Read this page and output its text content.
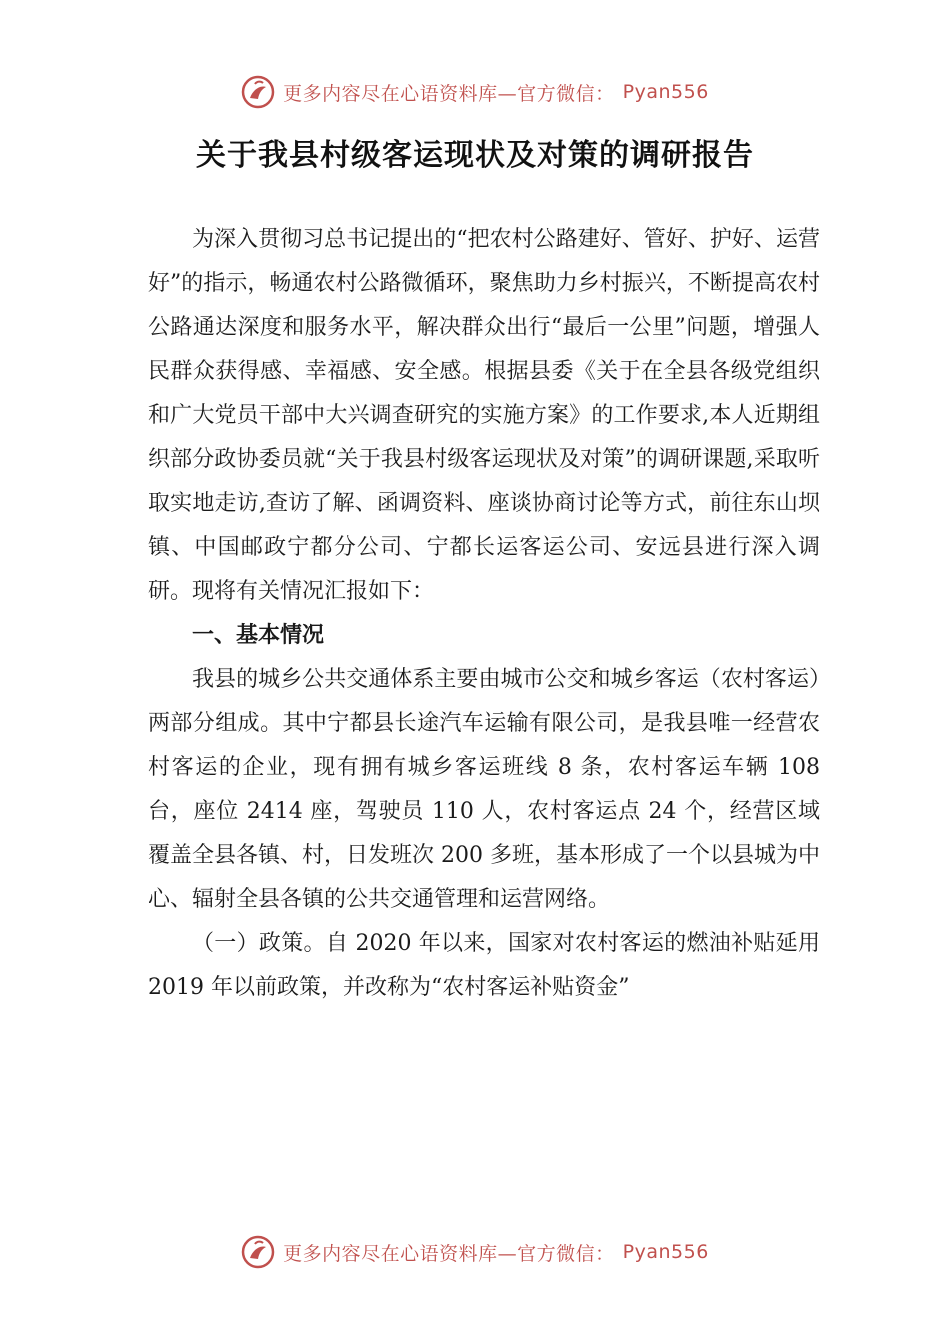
更多内容尽在心语资料库—官方微信： Pyan556
关于我县村级客运现状及对策的调研报告

为深入贯彻习总书记提出的“把农村公路建好、管好、护好、运营好”的指示，畅通农村公路微循环，聚焦助力乡村振兴，不断提高农村公路通达深度和服务水平，解决群众出行“最后一公里”问题，增强人民群众获得感、幸福感、安全感。根据县委《关于在全县各级党组织和广大党员干部中大兴调查研究的实施方案》的工作要求,本人近期组织部分政协委员就“关于我县村级客运现状及对策”的调研课题,采取听取实地走访,查访了解、函调资料、座谈协商讨论等方式，前往东山坝镇、中国邮政宁都分公司、宁都长运客运公司、安远县进行深入调研。现将有关情况汇报如下：

一、基本情况

我县的城乡公共交通体系主要由城市公交和城乡客运（农村客运）两部分组成。其中宁都县长途汽车运输有限公司，是我县唯一经营农村客运的企业，现有拥有城乡客运班线 8 条，农村客运车辆 108 台，座位 2414 座，驾驶员 110 人，农村客运点 24 个，经营区域覆盖全县各镇、村，日发班次 200 多班，基本形成了一个以县城为中心、辐射全县各镇的公共交通管理和运营网络。

（一）政策。自 2020 年以来，国家对农村客运的燃油补贴延用 2019 年以前政策，并改称为“农村客运补贴资金”

更多内容尽在心语资料库—官方微信： Pyan556
